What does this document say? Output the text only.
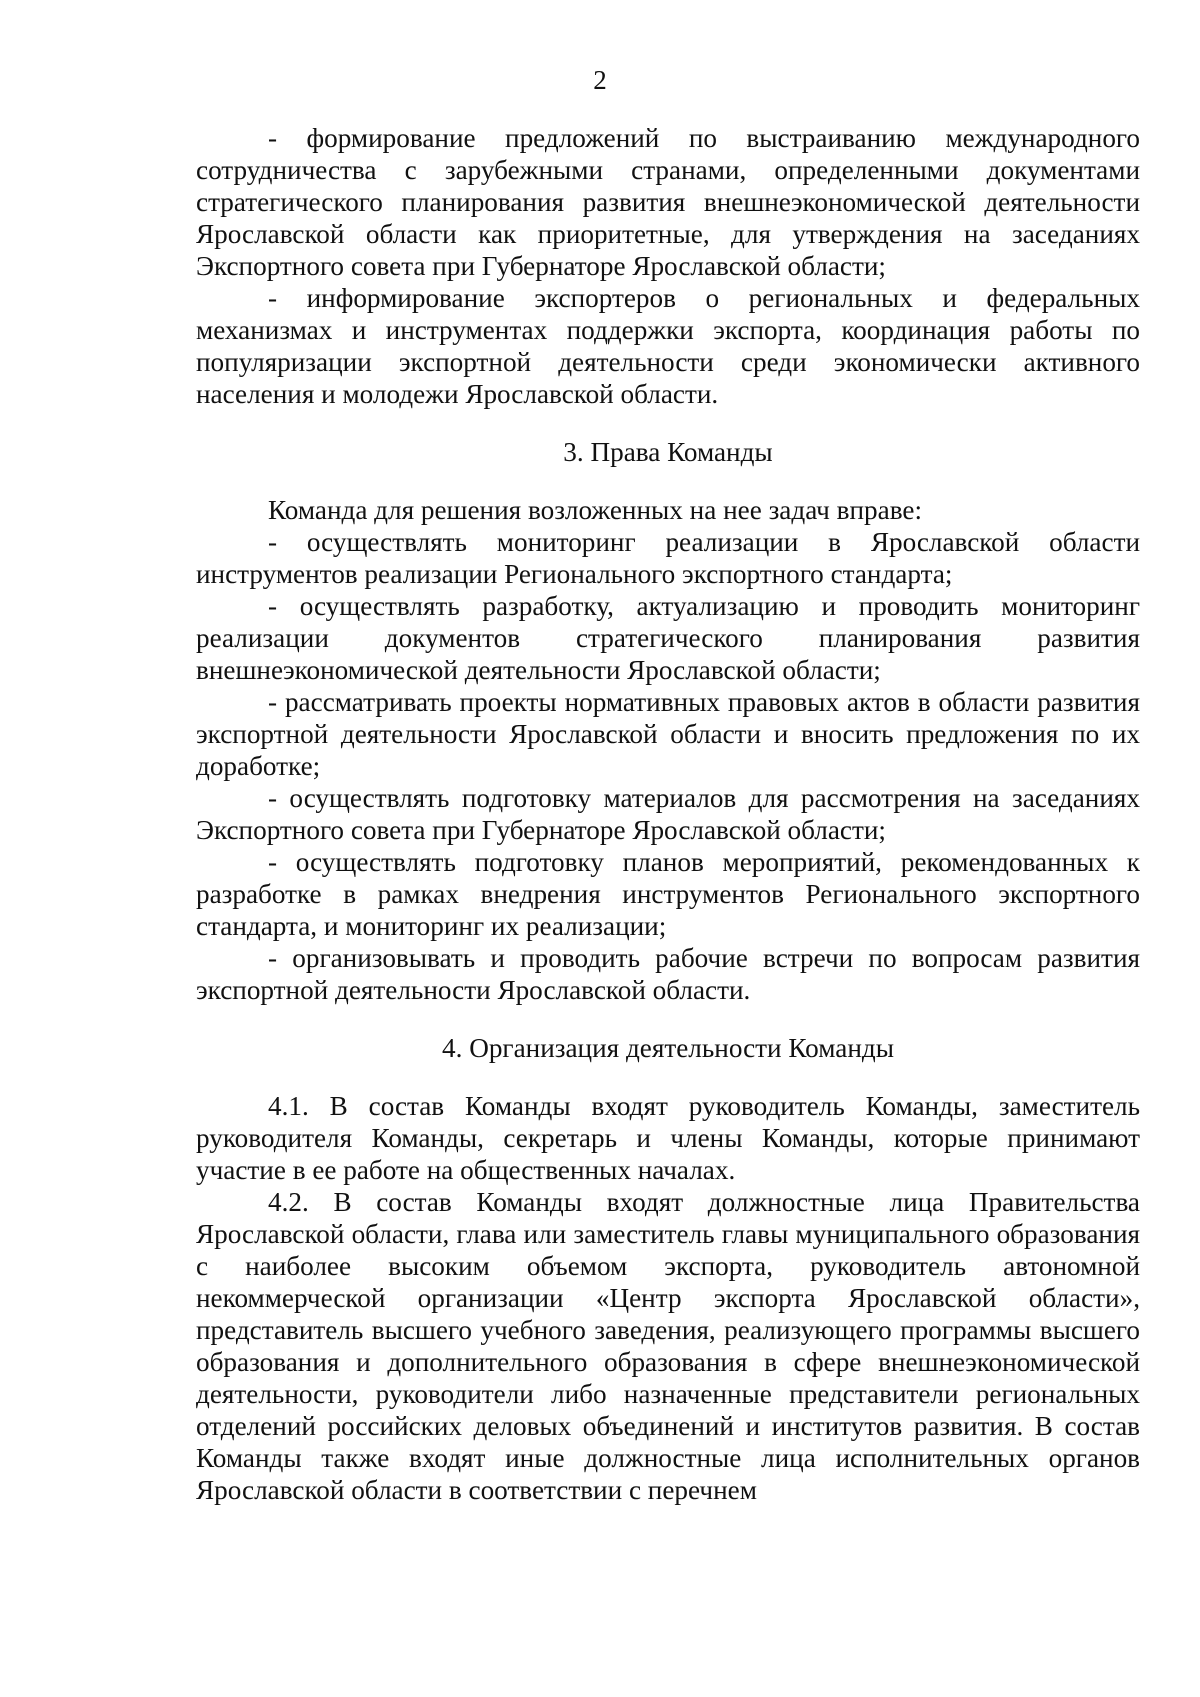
2

- формирование предложений по выстраиванию международного сотрудничества с зарубежными странами, определенными документами стратегического планирования развития внешнеэкономической деятельности Ярославской области как приоритетные, для утверждения на заседаниях Экспортного совета при Губернаторе Ярославской области;

- информирование экспортеров о региональных и федеральных механизмах и инструментах поддержки экспорта, координация работы по популяризации экспортной деятельности среди экономически активного населения и молодежи Ярославской области.

3. Права Команды

Команда для решения возложенных на нее задач вправе:

- осуществлять мониторинг реализации в Ярославской области инструментов реализации Регионального экспортного стандарта;

- осуществлять разработку, актуализацию и проводить мониторинг реализации документов стратегического планирования развития внешнеэкономической деятельности Ярославской области;

- рассматривать проекты нормативных правовых актов в области развития экспортной деятельности Ярославской области и вносить предложения по их доработке;

- осуществлять подготовку материалов для рассмотрения на заседаниях Экспортного совета при Губернаторе Ярославской области;

- осуществлять подготовку планов мероприятий, рекомендованных к разработке в рамках внедрения инструментов Регионального экспортного стандарта, и мониторинг их реализации;

- организовывать и проводить рабочие встречи по вопросам развития экспортной деятельности Ярославской области.

4. Организация деятельности Команды

4.1. В состав Команды входят руководитель Команды, заместитель руководителя Команды, секретарь и члены Команды, которые принимают участие в ее работе на общественных началах.

4.2. В состав Команды входят должностные лица Правительства Ярославской области, глава или заместитель главы муниципального образования с наиболее высоким объемом экспорта, руководитель автономной некоммерческой организации «Центр экспорта Ярославской области», представитель высшего учебного заведения, реализующего программы высшего образования и дополнительного образования в сфере внешнеэкономической деятельности, руководители либо назначенные представители региональных отделений российских деловых объединений и институтов развития. В состав Команды также входят иные должностные лица исполнительных органов Ярославской области в соответствии с перечнем
